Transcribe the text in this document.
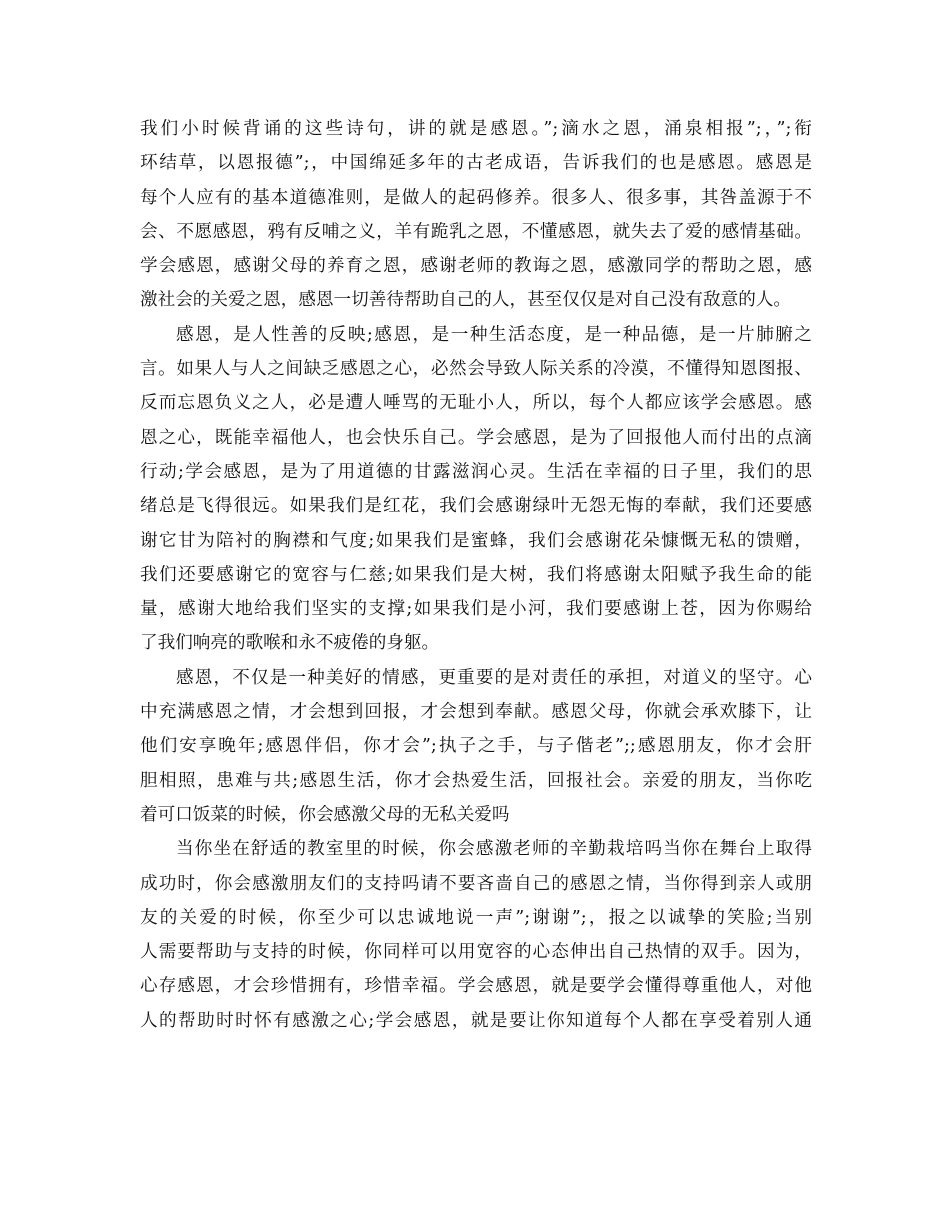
我们小时候背诵的这些诗句，讲的就是感恩。”;滴水之恩，涌泉相报”;，”;衔
环结草，以恩报德”;，中国绵延多年的古老成语，告诉我们的也是感恩。感恩是
每个人应有的基本道德准则，是做人的起码修养。很多人、很多事，其咎盖源于不
会、不愿感恩，鸦有反哺之义，羊有跪乳之恩，不懂感恩，就失去了爱的感情基础。
学会感恩，感谢父母的养育之恩，感谢老师的教诲之恩，感激同学的帮助之恩，感
激社会的关爱之恩，感恩一切善待帮助自己的人，甚至仅仅是对自己没有敌意的人。
感恩，是人性善的反映;感恩，是一种生活态度，是一种品德，是一片肺腑之
言。如果人与人之间缺乏感恩之心，必然会导致人际关系的冷漠，不懂得知恩图报、
反而忘恩负义之人，必是遭人唾骂的无耻小人，所以，每个人都应该学会感恩。感
恩之心，既能幸福他人，也会快乐自己。学会感恩，是为了回报他人而付出的点滴
行动;学会感恩，是为了用道德的甘露滋润心灵。生活在幸福的日子里，我们的思
绪总是飞得很远。如果我们是红花，我们会感谢绿叶无怨无悔的奉献，我们还要感
谢它甘为陪衬的胸襟和气度;如果我们是蜜蜂，我们会感谢花朵慷慨无私的馈赠，
我们还要感谢它的宽容与仁慈;如果我们是大树，我们将感谢太阳赋予我生命的能
量，感谢大地给我们坚实的支撑;如果我们是小河，我们要感谢上苍，因为你赐给
了我们响亮的歌喉和永不疲倦的身躯。
感恩，不仅是一种美好的情感，更重要的是对责任的承担，对道义的坚守。心
中充满感恩之情，才会想到回报，才会想到奉献。感恩父母，你就会承欢膝下，让
他们安享晚年;感恩伴侣，你才会”;执子之手，与子偕老”;;感恩朋友，你才会肝
胆相照，患难与共;感恩生活，你才会热爱生活，回报社会。亲爱的朋友，当你吃
着可口饭菜的时候，你会感激父母的无私关爱吗
当你坐在舒适的教室里的时候，你会感激老师的辛勤栽培吗当你在舞台上取得
成功时，你会感激朋友们的支持吗请不要吝啬自己的感恩之情，当你得到亲人或朋
友的关爱的时候，你至少可以忠诚地说一声”;谢谢”;，报之以诚挚的笑脸;当别
人需要帮助与支持的时候，你同样可以用宽容的心态伸出自己热情的双手。因为，
心存感恩，才会珍惜拥有，珍惜幸福。学会感恩，就是要学会懂得尊重他人，对他
人的帮助时时怀有感激之心;学会感恩，就是要让你知道每个人都在享受着别人通
